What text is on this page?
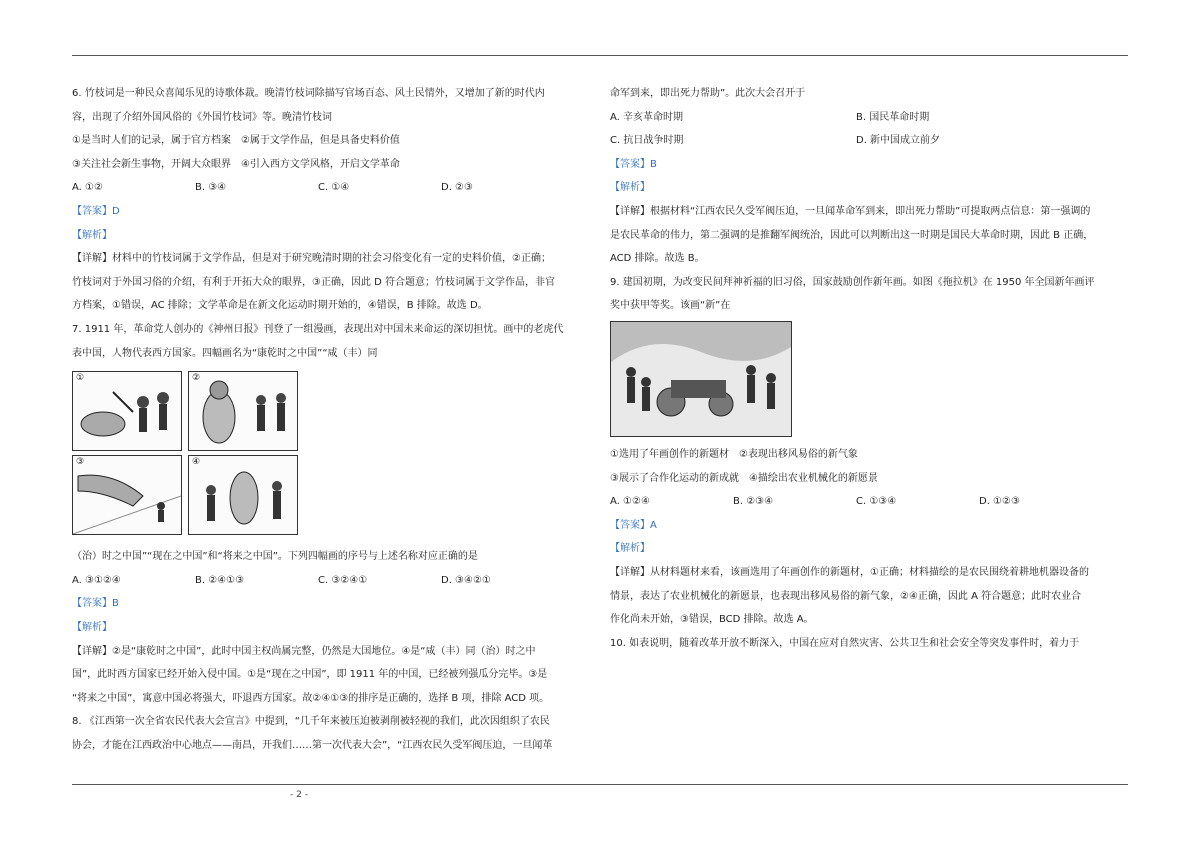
6. 竹枝词是一种民众喜闻乐见的诗歌体裁。晚清竹枝词除描写官场百态、风土民情外，又增加了新的时代内

容，出现了介绍外国风俗的《外国竹枝词》等。晚清竹枝词

①是当时人们的记录，属于官方档案　②属于文学作品，但是具备史料价值

③关注社会新生事物，开阔大众眼界　④引入西方文学风格，开启文学革命

A. ①②	B. ③④	C. ①④	D. ②③

【答案】D

【解析】

【详解】材料中的竹枝词属于文学作品，但是对于研究晚清时期的社会习俗变化有一定的史料价值，②正确；

竹枝词对于外国习俗的介绍，有利于开拓大众的眼界，③正确，因此 D 符合题意；竹枝词属于文学作品，非官

方档案，①错误，AC 排除；文学革命是在新文化运动时期开始的，④错误，B 排除。故选 D。

7. 1911 年，革命党人创办的《神州日报》刊登了一组漫画，表现出对中国未来命运的深切担忧。画中的老虎代

表中国，人物代表西方国家。四幅画名为“康乾时之中国”“咸（丰）同

①	②
③	④

（治）时之中国”“现在之中国”和“将来之中国”。下列四幅画的序号与上述名称对应正确的是

A. ③①②④	B. ②④①③	C. ③②④①	D. ③④②①

【答案】B

【解析】

【详解】②是“康乾时之中国”，此时中国主权尚属完整，仍然是大国地位。④是“咸（丰）同（治）时之中

国”，此时西方国家已经开始入侵中国。①是“现在之中国”，即 1911 年的中国，已经被列强瓜分完毕。③是

“将来之中国”，寓意中国必将强大，吓退西方国家。故②④①③的排序是正确的，选择 B 项，排除 ACD 项。

8. 《江西第一次全省农民代表大会宣言》中提到，“几千年来被压迫被剥削被轻视的我们，此次因组织了农民

协会，才能在江西政治中心地点——南昌，开我们……第一次代表大会”，“江西农民久受军阀压迫，一旦闻革

命军到来，即出死力帮助”。此次大会召开于

A. 辛亥革命时期	B. 国民革命时期
C. 抗日战争时期	D. 新中国成立前夕

【答案】B

【解析】

【详解】根据材料“江西农民久受军阀压迫，一旦闻革命军到来，即出死力帮助”可提取两点信息：第一强调的

是农民革命的伟力，第二强调的是推翻军阀统治，因此可以判断出这一时期是国民大革命时期，因此 B 正确，

ACD 排除。故选 B。

9. 建国初期，为改变民间拜神祈福的旧习俗，国家鼓励创作新年画。如图《拖拉机》在 1950 年全国新年画评

奖中获甲等奖。该画“新”在

①选用了年画创作的新题材　②表现出移风易俗的新气象

③展示了合作化运动的新成就　④描绘出农业机械化的新愿景

A. ①②④	B. ②③④	C. ①③④	D. ①②③

【答案】A

【解析】

【详解】从材料题材来看，该画选用了年画创作的新题材，①正确；材料描绘的是农民围绕着耕地机器设备的

情景，表达了农业机械化的新愿景，也表现出移风易俗的新气象，②④正确，因此 A 符合题意；此时农业合

作化尚未开始，③错误，BCD 排除。故选 A。

10. 如表说明，随着改革开放不断深入，中国在应对自然灾害、公共卫生和社会安全等突发事件时，着力于

- 2 -
